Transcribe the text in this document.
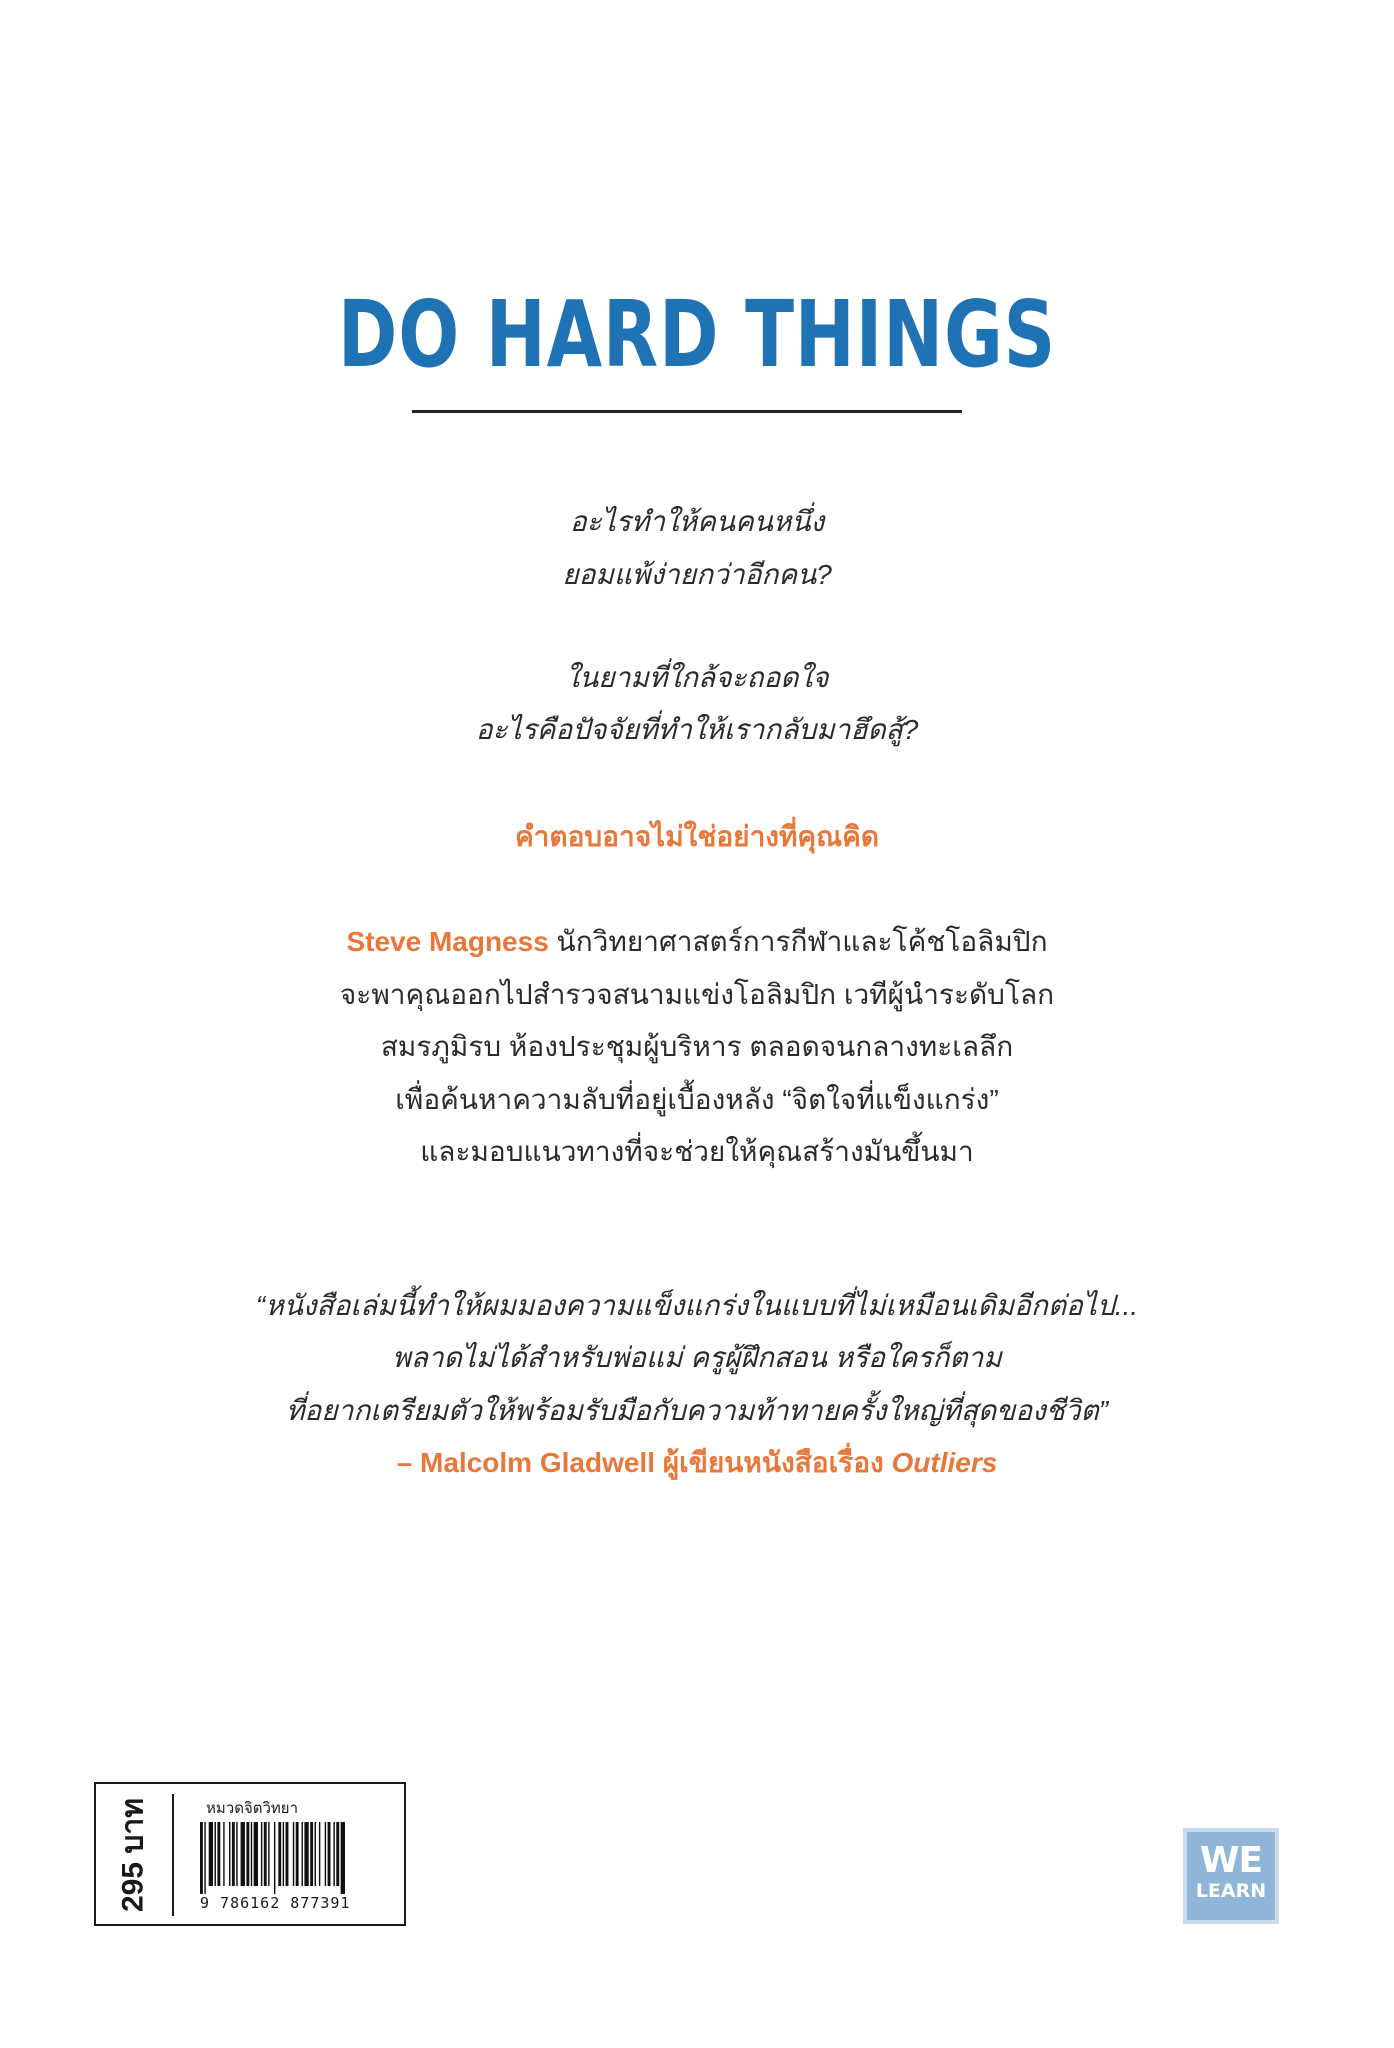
DO HARD THINGS
อะไรทำให้คนคนหนึ่ง
ยอมแพ้ง่ายกว่าอีกคน?
ในยามที่ใกล้จะถอดใจ
อะไรคือปัจจัยที่ทำให้เรากลับมาฮึดสู้?
คำตอบอาจไม่ใช่อย่างที่คุณคิด
Steve Magness นักวิทยาศาสตร์การกีฬาและโค้ชโอลิมปิก
จะพาคุณออกไปสำรวจสนามแข่งโอลิมปิก เวทีผู้นำระดับโลก
สมรภูมิรบ ห้องประชุมผู้บริหาร ตลอดจนกลางทะเลลึก
เพื่อค้นหาความลับที่อยู่เบื้องหลัง “จิตใจที่แข็งแกร่ง”
และมอบแนวทางที่จะช่วยให้คุณสร้างมันขึ้นมา
“หนังสือเล่มนี้ทำให้ผมมองความแข็งแกร่งในแบบที่ไม่เหมือนเดิมอีกต่อไป...
พลาดไม่ได้สำหรับพ่อแม่ ครูผู้ฝึกสอน หรือใครก็ตาม
ที่อยากเตรียมตัวให้พร้อมรับมือกับความท้าทายครั้งใหญ่ที่สุดของชีวิต”
– Malcolm Gladwell ผู้เขียนหนังสือเรื่อง Outliers
295 บาท	หมวดจิตวิทยา
9 786162 877391
WE
LEARN
